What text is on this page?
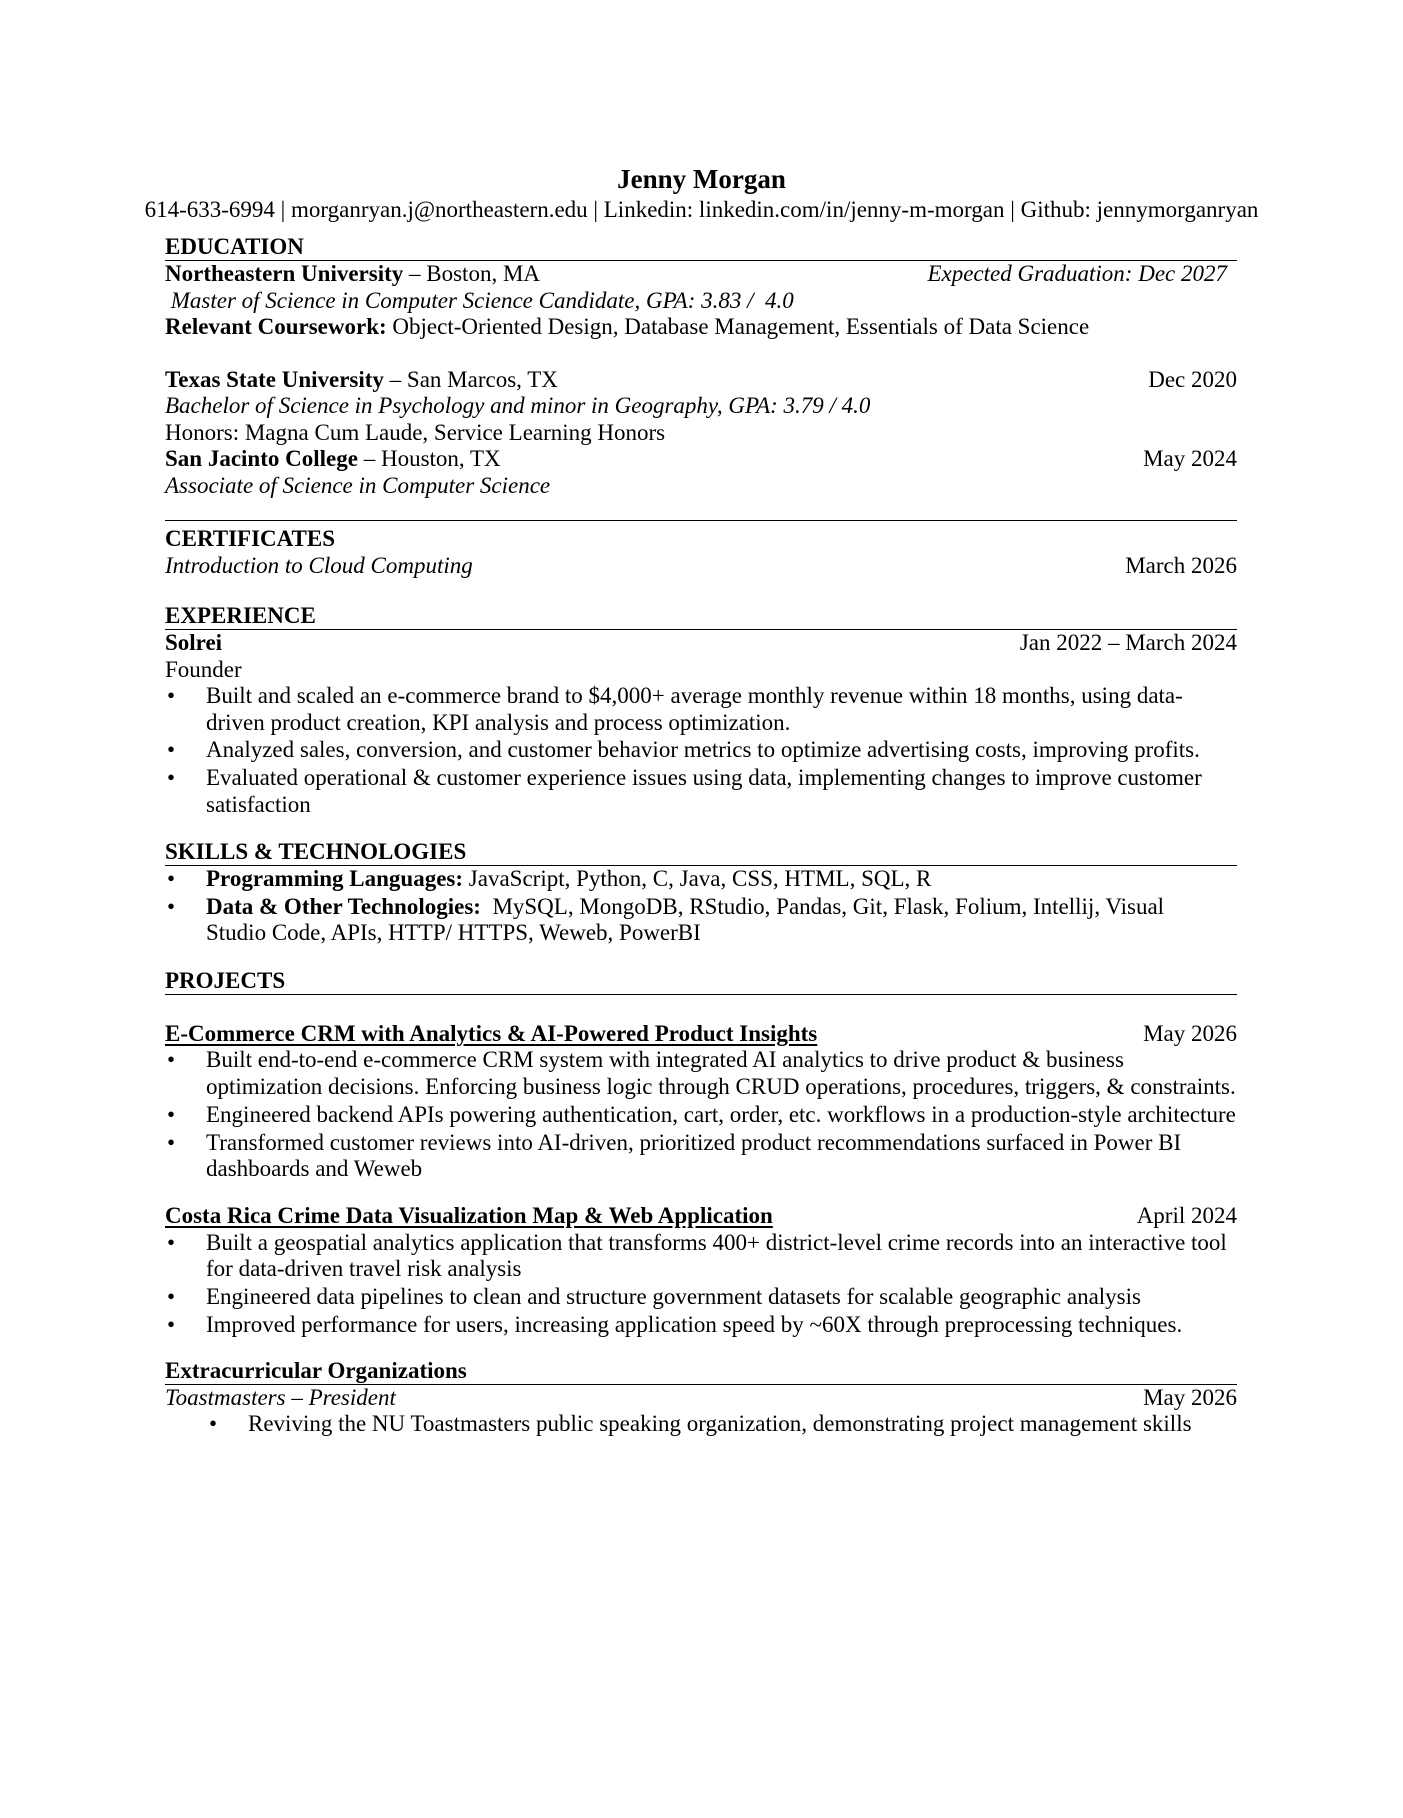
Jenny Morgan
614-633-6994 | morganryan.j@northeastern.edu | Linkedin: linkedin.com/in/jenny-m-morgan | Github: jennymorganryan
EDUCATION
Northeastern University – Boston, MA	Expected Graduation: Dec 2027
Master of Science in Computer Science Candidate, GPA: 3.83 /  4.0
Relevant Coursework: Object-Oriented Design, Database Management, Essentials of Data Science
Texas State University – San Marcos, TX	Dec 2020
Bachelor of Science in Psychology and minor in Geography, GPA: 3.79 / 4.0
Honors: Magna Cum Laude, Service Learning Honors
San Jacinto College – Houston, TX	May 2024
Associate of Science in Computer Science
CERTIFICATES
Introduction to Cloud Computing	March 2026
EXPERIENCE
Solrei	Jan 2022 – March 2024
Founder
• Built and scaled an e-commerce brand to $4,000+ average monthly revenue within 18 months, using data-driven product creation, KPI analysis and process optimization.
• Analyzed sales, conversion, and customer behavior metrics to optimize advertising costs, improving profits.
• Evaluated operational & customer experience issues using data, implementing changes to improve customer satisfaction
SKILLS & TECHNOLOGIES
• Programming Languages: JavaScript, Python, C, Java, CSS, HTML, SQL, R
• Data & Other Technologies:  MySQL, MongoDB, RStudio, Pandas, Git, Flask, Folium, Intellij, Visual Studio Code, APIs, HTTP/ HTTPS, Weweb, PowerBI
PROJECTS
E-Commerce CRM with Analytics & AI-Powered Product Insights	May 2026
• Built end-to-end e-commerce CRM system with integrated AI analytics to drive product & business optimization decisions. Enforcing business logic through CRUD operations, procedures, triggers, & constraints.
• Engineered backend APIs powering authentication, cart, order, etc. workflows in a production-style architecture
• Transformed customer reviews into AI-driven, prioritized product recommendations surfaced in Power BI dashboards and Weweb
Costa Rica Crime Data Visualization Map & Web Application	April 2024
• Built a geospatial analytics application that transforms 400+ district-level crime records into an interactive tool for data-driven travel risk analysis
• Engineered data pipelines to clean and structure government datasets for scalable geographic analysis
• Improved performance for users, increasing application speed by ~60X through preprocessing techniques.
Extracurricular Organizations
Toastmasters – President	May 2026
• Reviving the NU Toastmasters public speaking organization, demonstrating project management skills
